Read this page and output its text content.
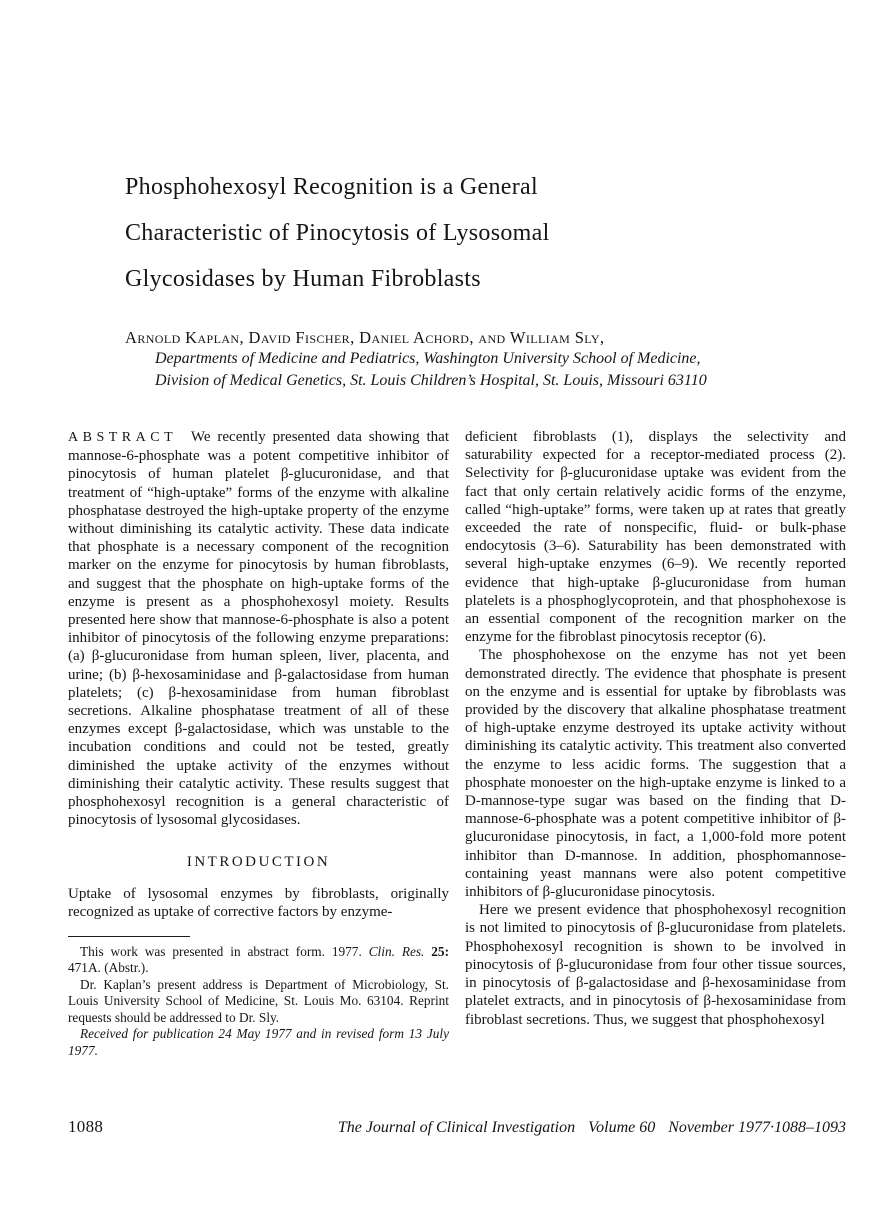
Phosphohexosyl Recognition is a General
Characteristic of Pinocytosis of Lysosomal
Glycosidases by Human Fibroblasts
Arnold Kaplan, David Fischer, Daniel Achord, and William Sly,
Departments of Medicine and Pediatrics, Washington University School of Medicine, Division of Medical Genetics, St. Louis Children’s Hospital, St. Louis, Missouri 63110

ABSTRACT We recently presented data showing that mannose-6-phosphate was a potent competitive inhibitor of pinocytosis of human platelet β-glucuronidase, and that treatment of “high-uptake” forms of the enzyme with alkaline phosphatase destroyed the high-uptake property of the enzyme without diminishing its catalytic activity. These data indicate that phosphate is a necessary component of the recognition marker on the enzyme for pinocytosis by human fibroblasts, and suggest that the phosphate on high-uptake forms of the enzyme is present as a phosphohexosyl moiety. Results presented here show that mannose-6-phosphate is also a potent inhibitor of pinocytosis of the following enzyme preparations: (a) β-glucuronidase from human spleen, liver, placenta, and urine; (b) β-hexosaminidase and β-galactosidase from human platelets; (c) β-hexosaminidase from human fibroblast secretions. Alkaline phosphatase treatment of all of these enzymes except β-galactosidase, which was unstable to the incubation conditions and could not be tested, greatly diminished the uptake activity of the enzymes without diminishing their catalytic activity. These results suggest that phosphohexosyl recognition is a general characteristic of pinocytosis of lysosomal glycosidases.

INTRODUCTION

Uptake of lysosomal enzymes by fibroblasts, originally recognized as uptake of corrective factors by enzyme-

This work was presented in abstract form. 1977. Clin. Res. 25: 471A. (Abstr.).

Dr. Kaplan’s present address is Department of Microbiology, St. Louis University School of Medicine, St. Louis Mo. 63104. Reprint requests should be addressed to Dr. Sly.

Received for publication 24 May 1977 and in revised form 13 July 1977.

deficient fibroblasts (1), displays the selectivity and saturability expected for a receptor-mediated process (2). Selectivity for β-glucuronidase uptake was evident from the fact that only certain relatively acidic forms of the enzyme, called “high-uptake” forms, were taken up at rates that greatly exceeded the rate of nonspecific, fluid- or bulk-phase endocytosis (3–6). Saturability has been demonstrated with several high-uptake enzymes (6–9). We recently reported evidence that high-uptake β-glucuronidase from human platelets is a phosphoglycoprotein, and that phosphohexose is an essential component of the recognition marker on the enzyme for the fibroblast pinocytosis receptor (6).

The phosphohexose on the enzyme has not yet been demonstrated directly. The evidence that phosphate is present on the enzyme and is essential for uptake by fibroblasts was provided by the discovery that alkaline phosphatase treatment of high-uptake enzyme destroyed its uptake activity without diminishing its catalytic activity. This treatment also converted the enzyme to less acidic forms. The suggestion that a phosphate monoester on the high-uptake enzyme is linked to a D-mannose-type sugar was based on the finding that D-mannose-6-phosphate was a potent competitive inhibitor of β-glucuronidase pinocytosis, in fact, a 1,000-fold more potent inhibitor than D-mannose. In addition, phosphomannose-containing yeast mannans were also potent competitive inhibitors of β-glucuronidase pinocytosis.

Here we present evidence that phosphohexosyl recognition is not limited to pinocytosis of β-glucuronidase from platelets. Phosphohexosyl recognition is shown to be involved in pinocytosis of β-glucuronidase from four other tissue sources, in pinocytosis of β-galactosidase and β-hexosaminidase from platelet extracts, and in pinocytosis of β-hexosaminidase from fibroblast secretions. Thus, we suggest that phosphohexosyl

1088	The Journal of Clinical Investigation Volume 60 November 1977·1088–1093
